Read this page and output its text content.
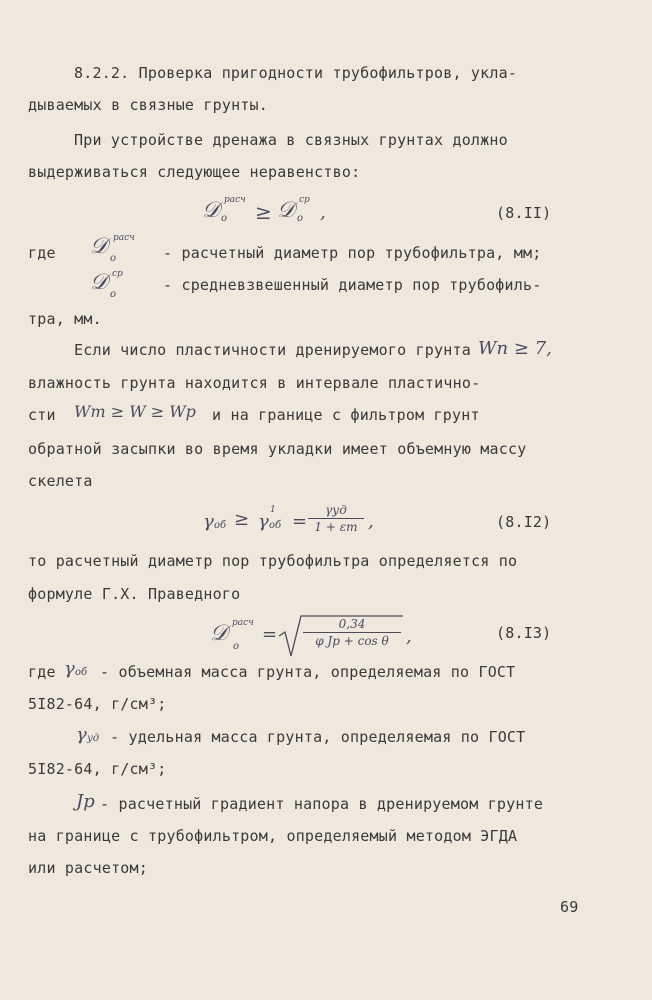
8.2.2. Проверка пригодности трубофильтров, укла-
дываемых в связные грунты.
При устройстве дренажа в связных грунтах должно
выдерживаться следующее неравенство:
𝒟 расч
o ≥ 𝒟 ср
o ,	(8.II)
где 𝒟 расч
o	- расчетный диаметр пор трубофильтра, мм;
𝒟 ср
o
- средневзвешенный диаметр пор трубофиль-
тра, мм.
Если число пластичности дренируемого грунта Wп ≥ 7,
влажность грунта находится в интервале пластично-
сти Wт ≥ W ≥ Wр и на границе с фильтром грунт
обратной засыпки во время укладки имеет объемную массу
скелета
γ об ≥ γ
1
об =
γуд
1 + εт ,	(8.I2)
то расчетный диаметр пор трубофильтра определяется по
формуле Г.Х. Праведного
𝒟 расч
o
=	0,34
φ Jр + cos θ ,	(8.I3)
где γ об - объемная масса грунта, определяемая по ГОСТ
5I82-64, г/см³;
γ уд - удельная масса грунта, определяемая по ГОСТ
5I82-64, г/см³;
Jр - расчетный градиент напора в дренируемом грунте
на границе с трубофильтром, определяемый методом ЭГДА
или расчетом;
69
